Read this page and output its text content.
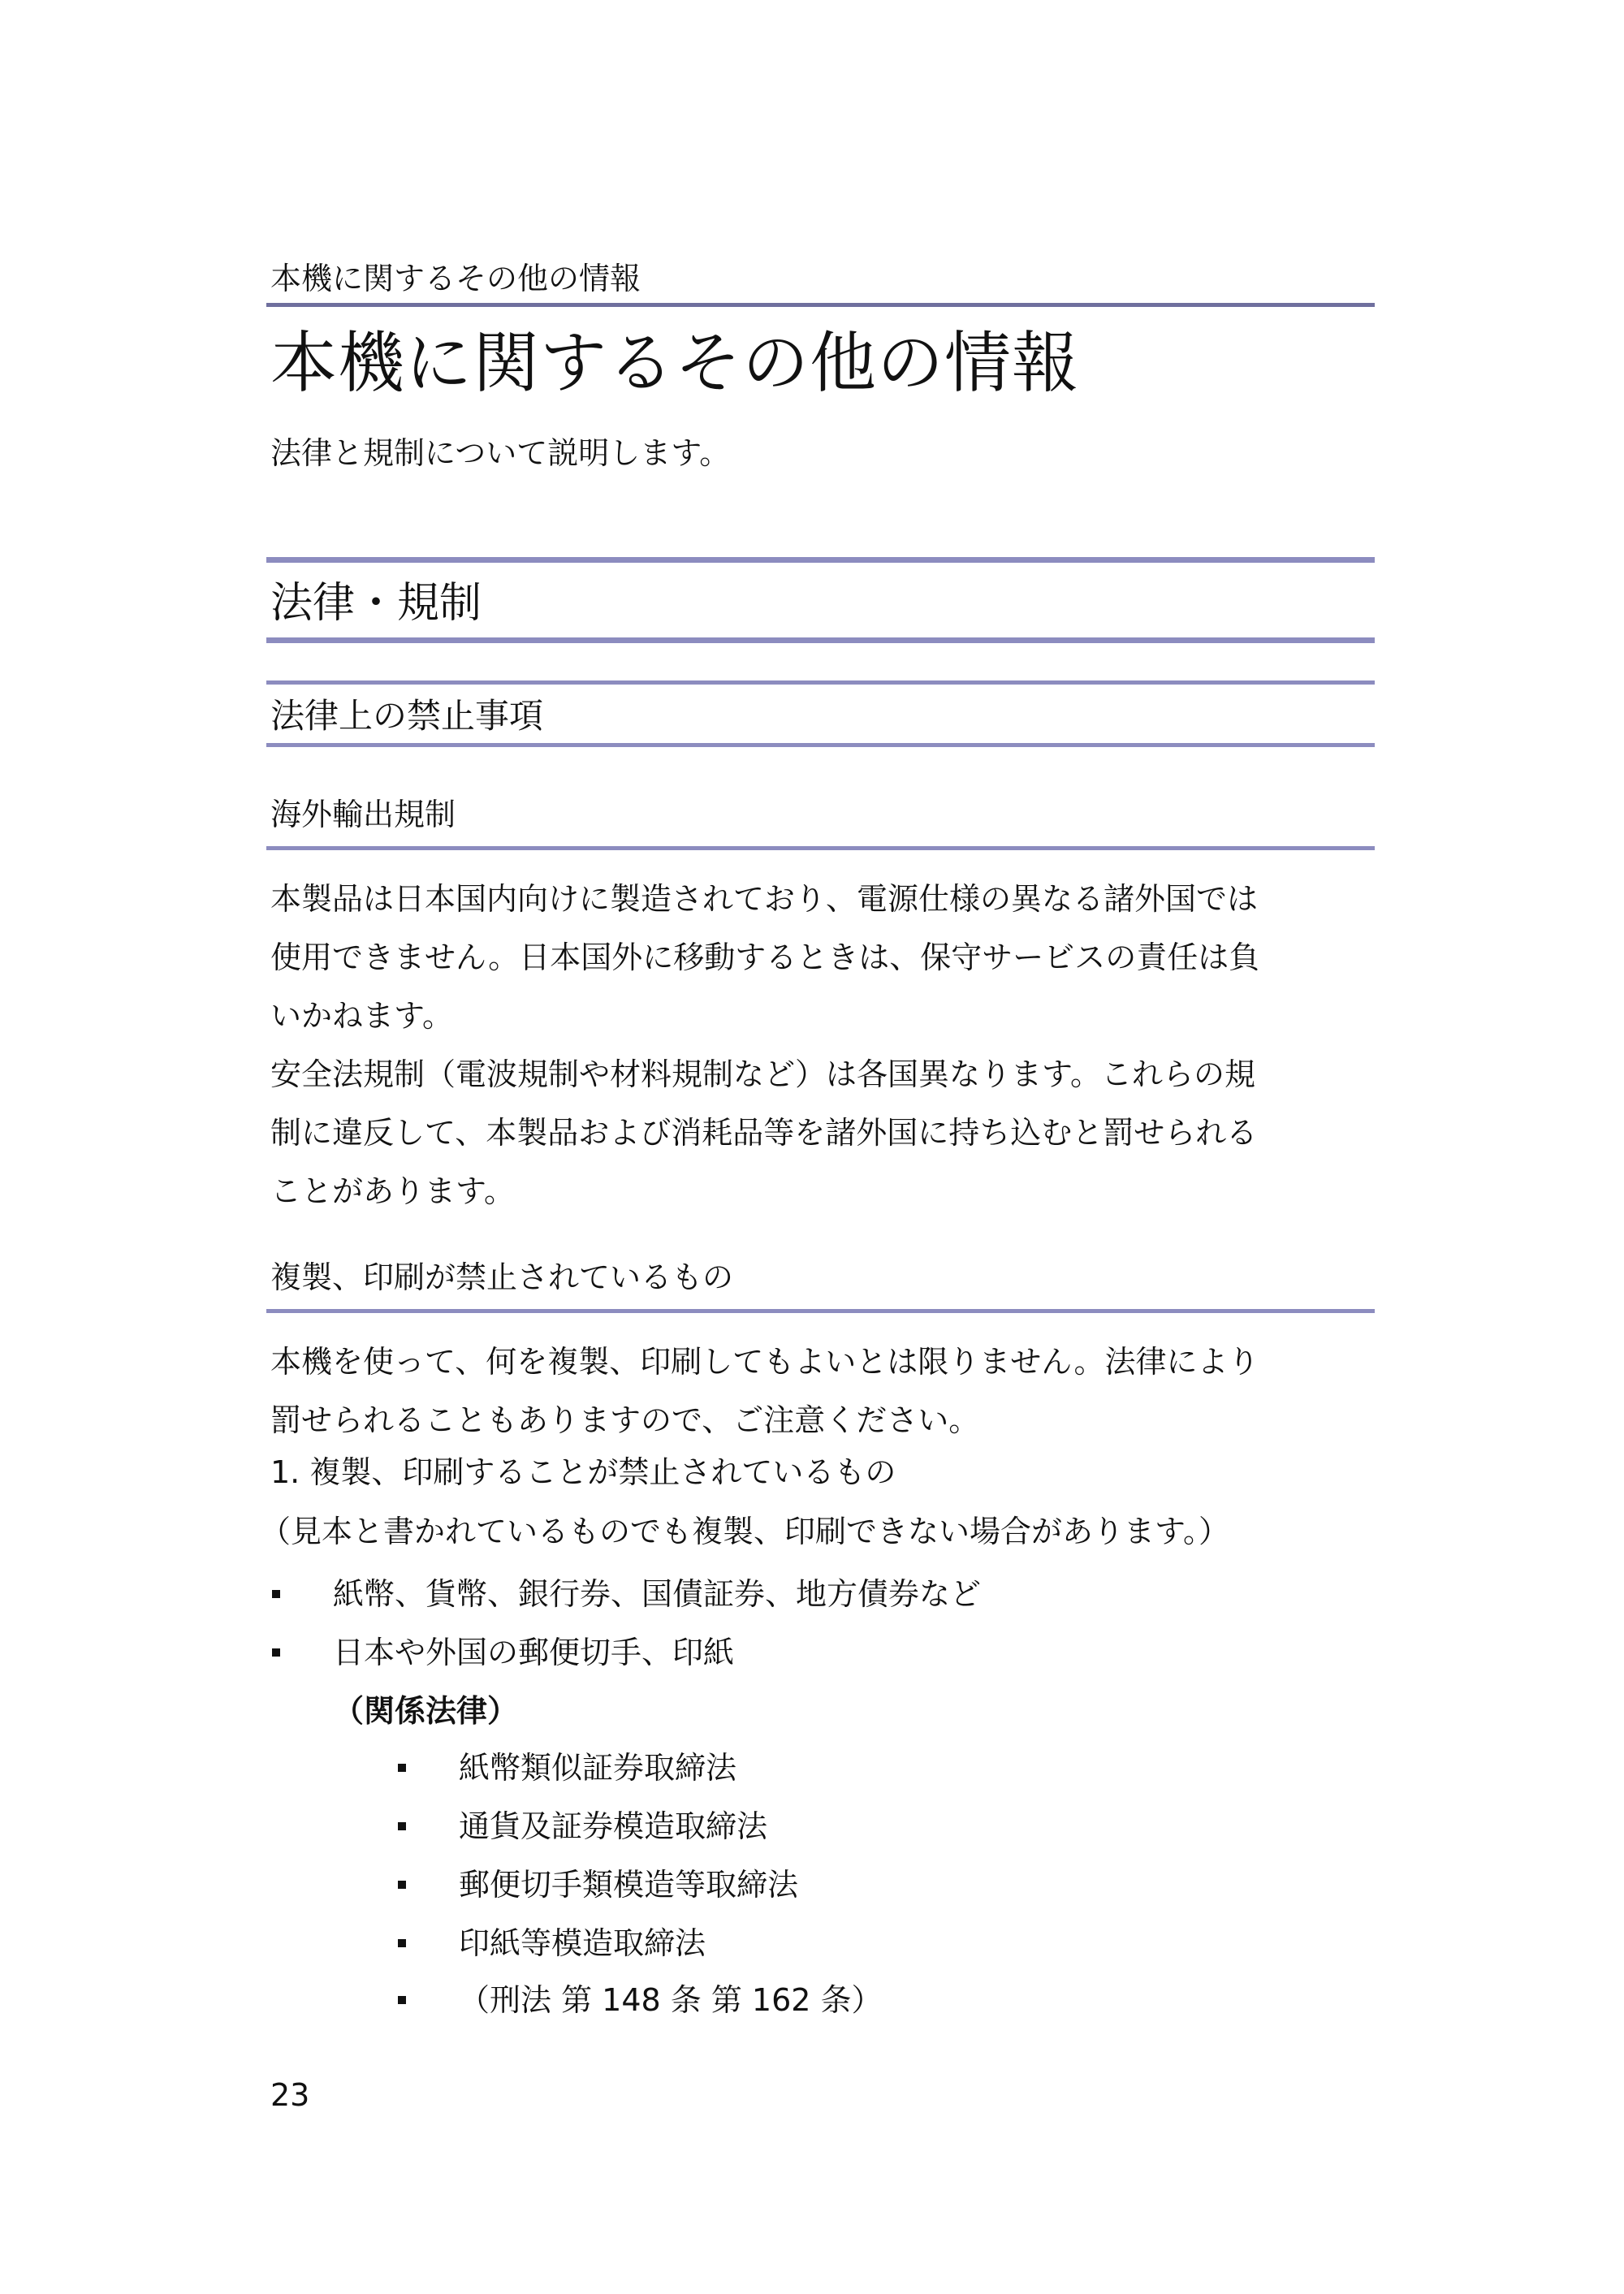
本機に関するその他の情報
本機に関するその他の情報
法律と規制について説明します。
法律・規制
法律上の禁止事項
海外輸出規制
本製品は日本国内向けに製造されており、電源仕様の異なる諸外国では
使用できません。日本国外に移動するときは、保守サービスの責任は負
いかねます。
安全法規制（電波規制や材料規制など）は各国異なります。これらの規
制に違反して、本製品および消耗品等を諸外国に持ち込むと罰せられる
ことがあります。
複製、印刷が禁止されているもの
本機を使って、何を複製、印刷してもよいとは限りません。法律により
罰せられることもありますので、ご注意ください。
1. 複製、印刷することが禁止されているもの
（見本と書かれているものでも複製、印刷できない場合があります。）
紙幣、貨幣、銀行券、国債証券、地方債券など
日本や外国の郵便切手、印紙
（関係法律）
紙幣類似証券取締法
通貨及証券模造取締法
郵便切手類模造等取締法
印紙等模造取締法
（刑法 第 148 条 第 162 条）
23
